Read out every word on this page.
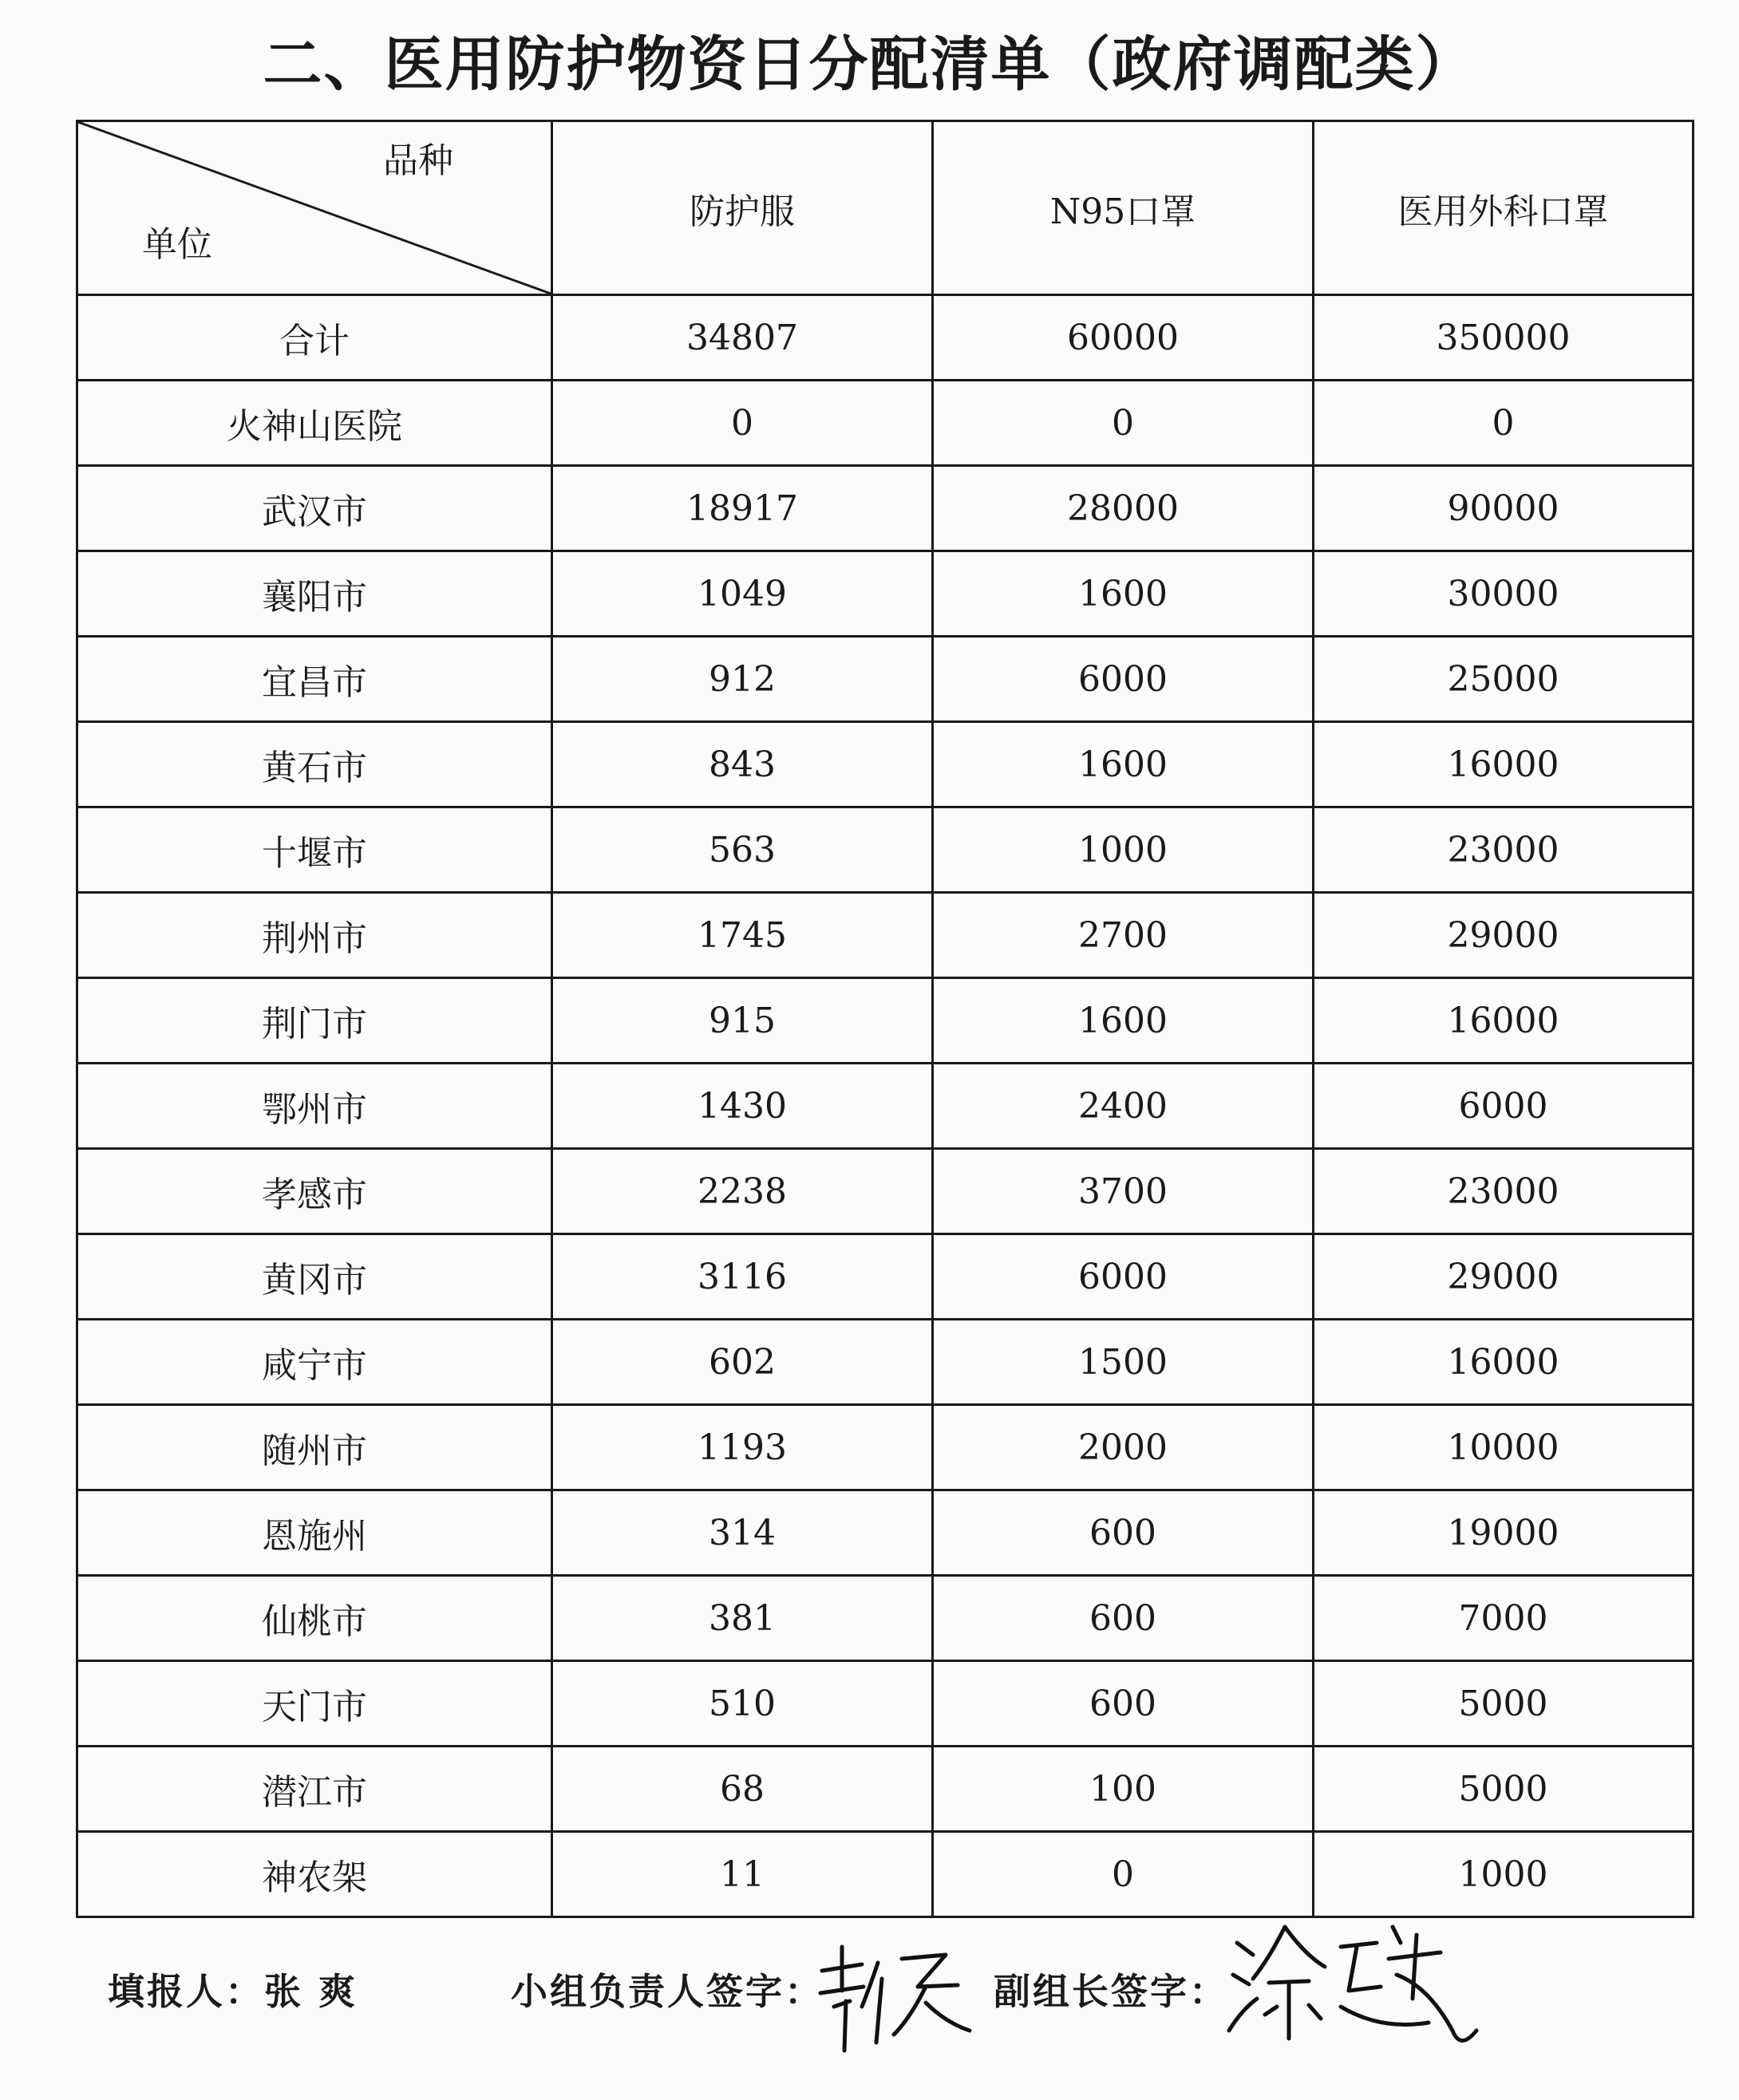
二、医用防护物资日分配清单（政府调配类）
品种
单位	防护服	N95口罩	医用外科口罩
合计	34807	60000	350000
火神山医院	0	0	0
武汉市	18917	28000	90000
襄阳市	1049	1600	30000
宜昌市	912	6000	25000
黄石市	843	1600	16000
十堰市	563	1000	23000
荆州市	1745	2700	29000
荆门市	915	1600	16000
鄂州市	1430	2400	6000
孝感市	2238	3700	23000
黄冈市	3116	6000	29000
咸宁市	602	1500	16000
随州市	1193	2000	10000
恩施州	314	600	19000
仙桃市	381	600	7000
天门市	510	600	5000
潜江市	68	100	5000
神农架	11	0	1000
填报人：张 爽	小组负责人签字：	副组长签字：
